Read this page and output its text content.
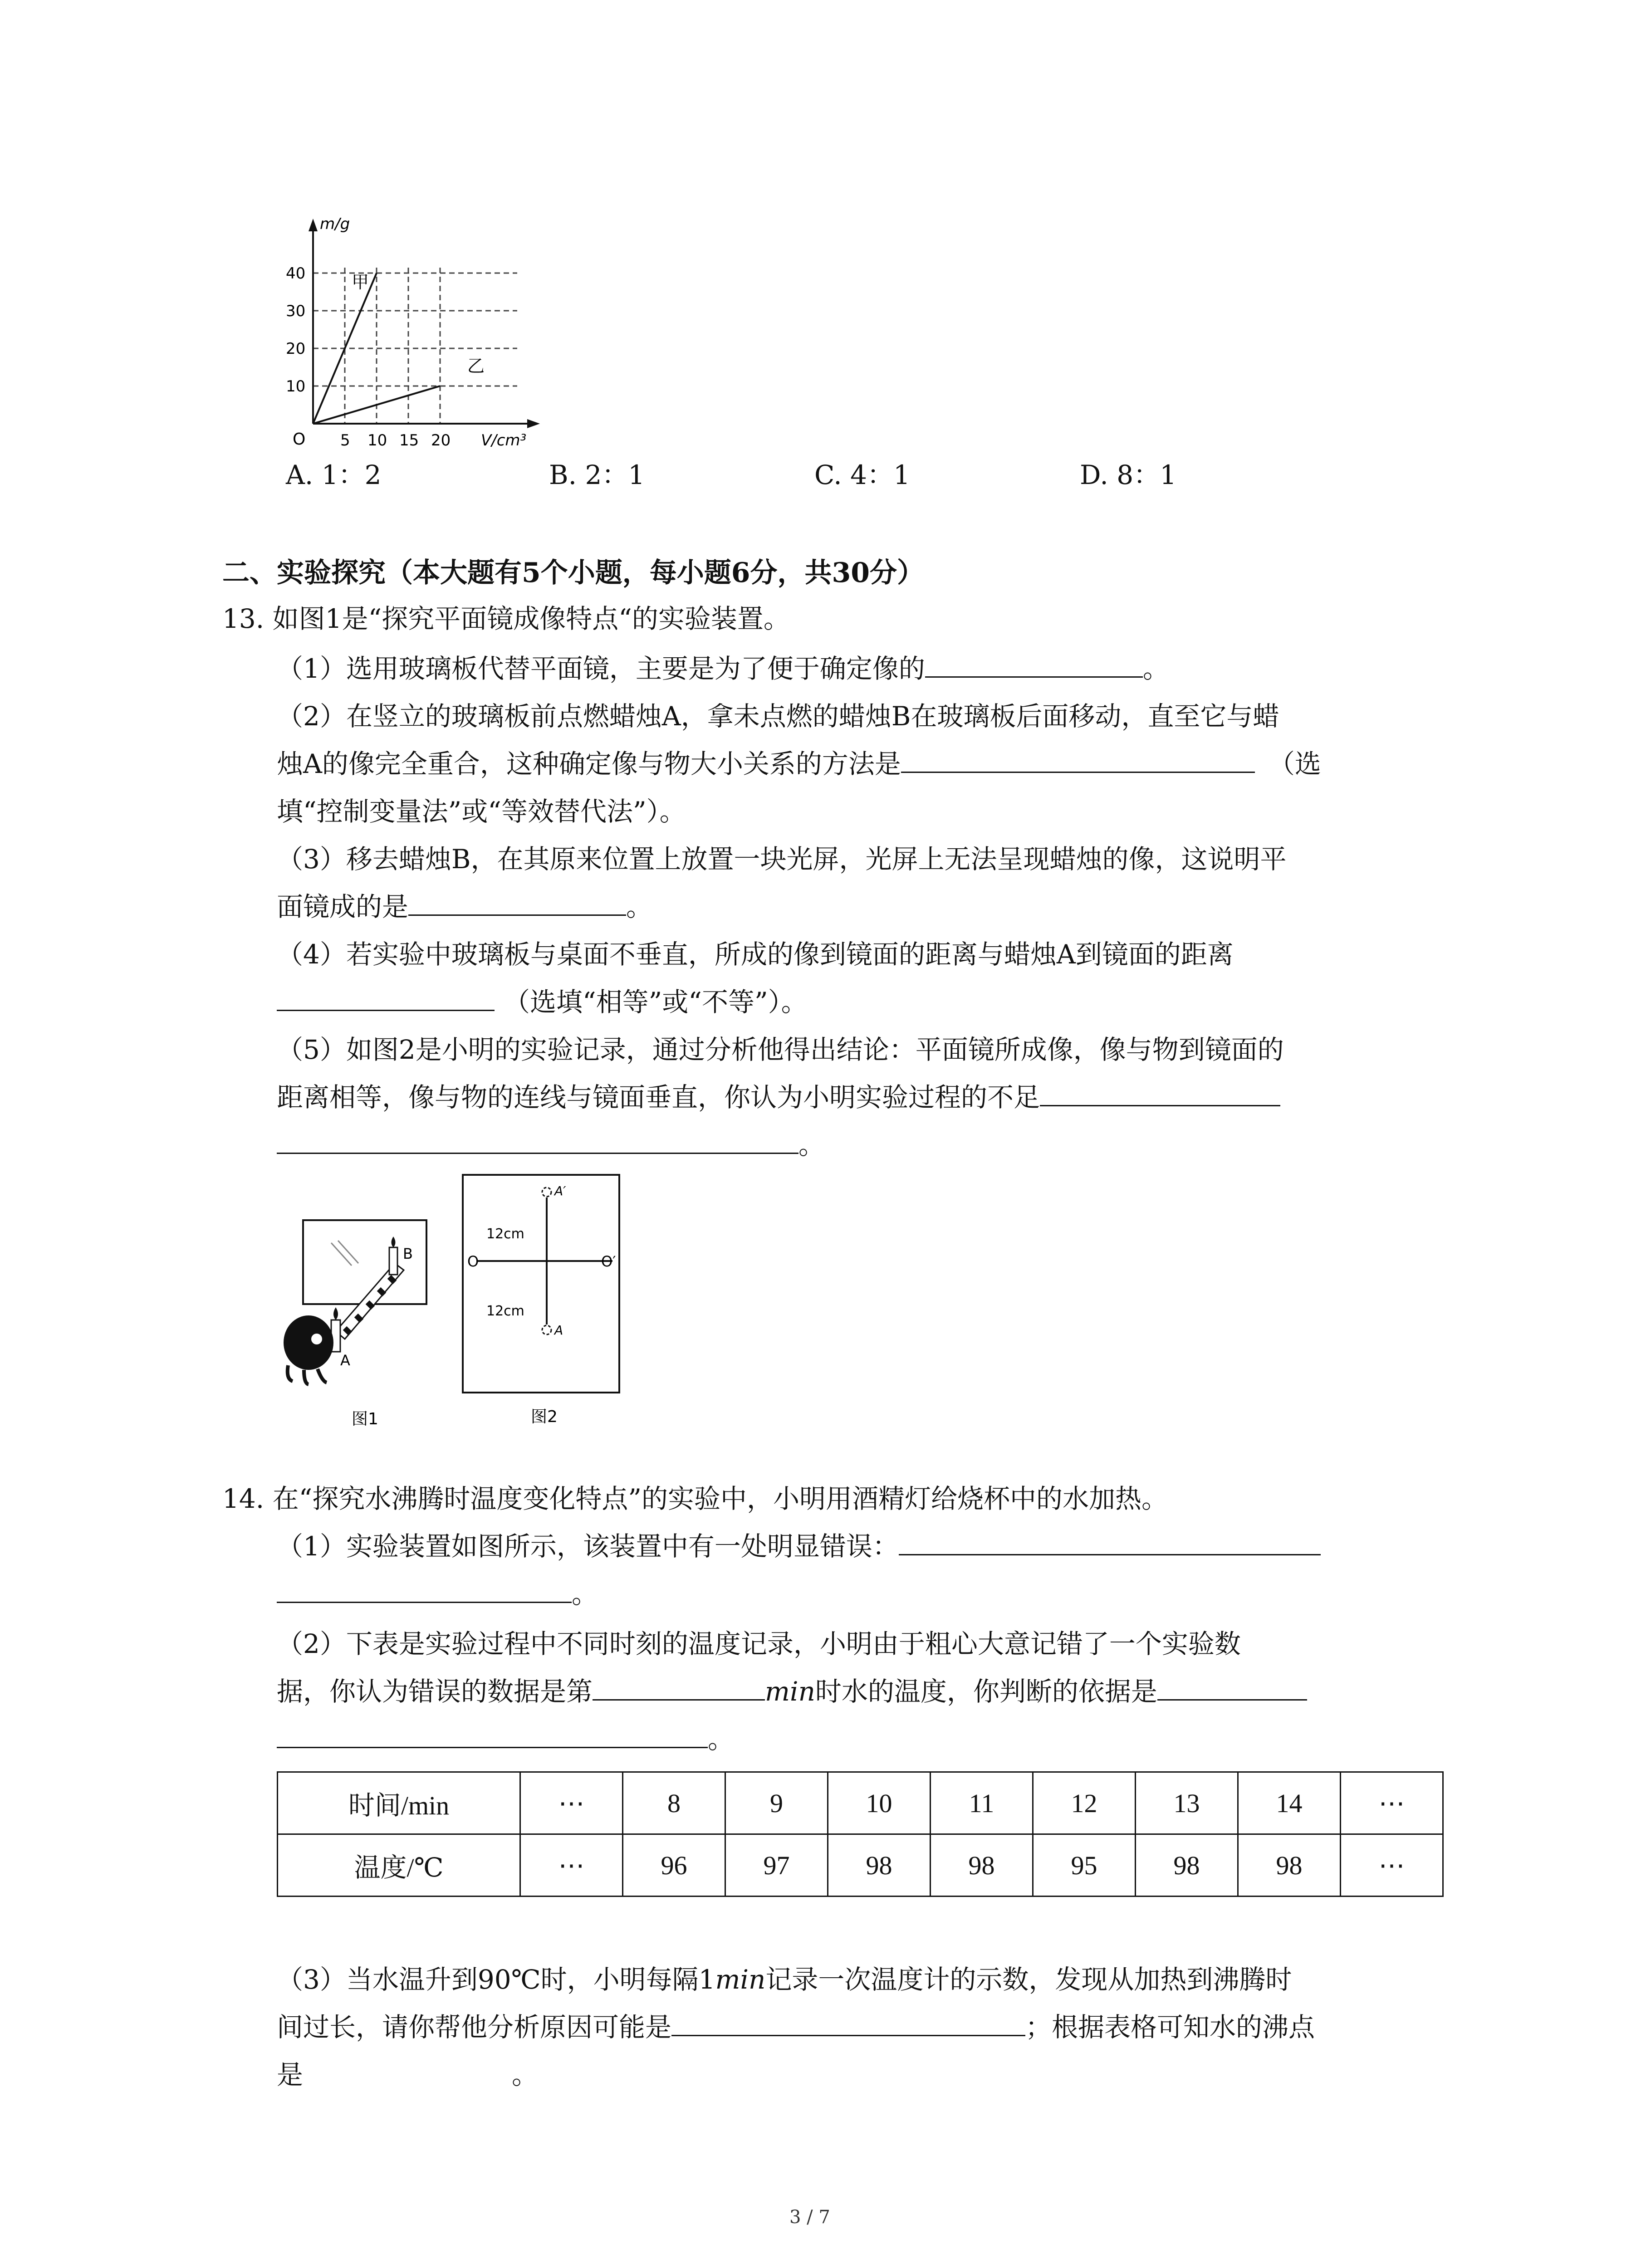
m/g
V/cm³
O
10
20
30
40
5 10 15 20
甲
乙
A. 1：2	B. 2：1	C. 4：1	D. 8：1
二、实验探究（本大题有5个小题，每小题6分，共30分）
13. 如图1是“探究平面镜成像特点“的实验装置。
（1）选用玻璃板代替平面镜，主要是为了便于确定像的	。
（2）在竖立的玻璃板前点燃蜡烛A，拿未点燃的蜡烛B在玻璃板后面移动，直至它与蜡
烛A的像完全重合，这种确定像与物大小关系的方法是	（选
填“控制变量法”或“等效替代法”）。
（3）移去蜡烛B，在其原来位置上放置一块光屏，光屏上无法呈现蜡烛的像，这说明平
面镜成的是	。
（4）若实验中玻璃板与桌面不垂直，所成的像到镜面的距离与蜡烛A到镜面的距离
（选填“相等”或“不等”）。
（5）如图2是小明的实验记录，通过分析他得出结论：平面镜所成像，像与物到镜面的
距离相等，像与物的连线与镜面垂直，你认为小明实验过程的不足
。
B
A
图1
A′
A
12cm
12cm
O	O′
图2
14. 在“探究水沸腾时温度变化特点”的实验中，小明用酒精灯给烧杯中的水加热。
（1）实验装置如图所示，该装置中有一处明显错误：
。
（2）下表是实验过程中不同时刻的温度记录，小明由于粗心大意记错了一个实验数
据，你认为错误的数据是第	min时水的温度，你判断的依据是
。
时间/min	⋯	8	9	10	11	12	13	14	⋯
温度/℃	⋯	96	97	98	98	95	98	98	⋯
（3）当水温升到90℃时，小明每隔1min记录一次温度计的示数，发现从加热到沸腾时
间过长，请你帮他分析原因可能是	；根据表格可知水的沸点
是	。
3 / 7
